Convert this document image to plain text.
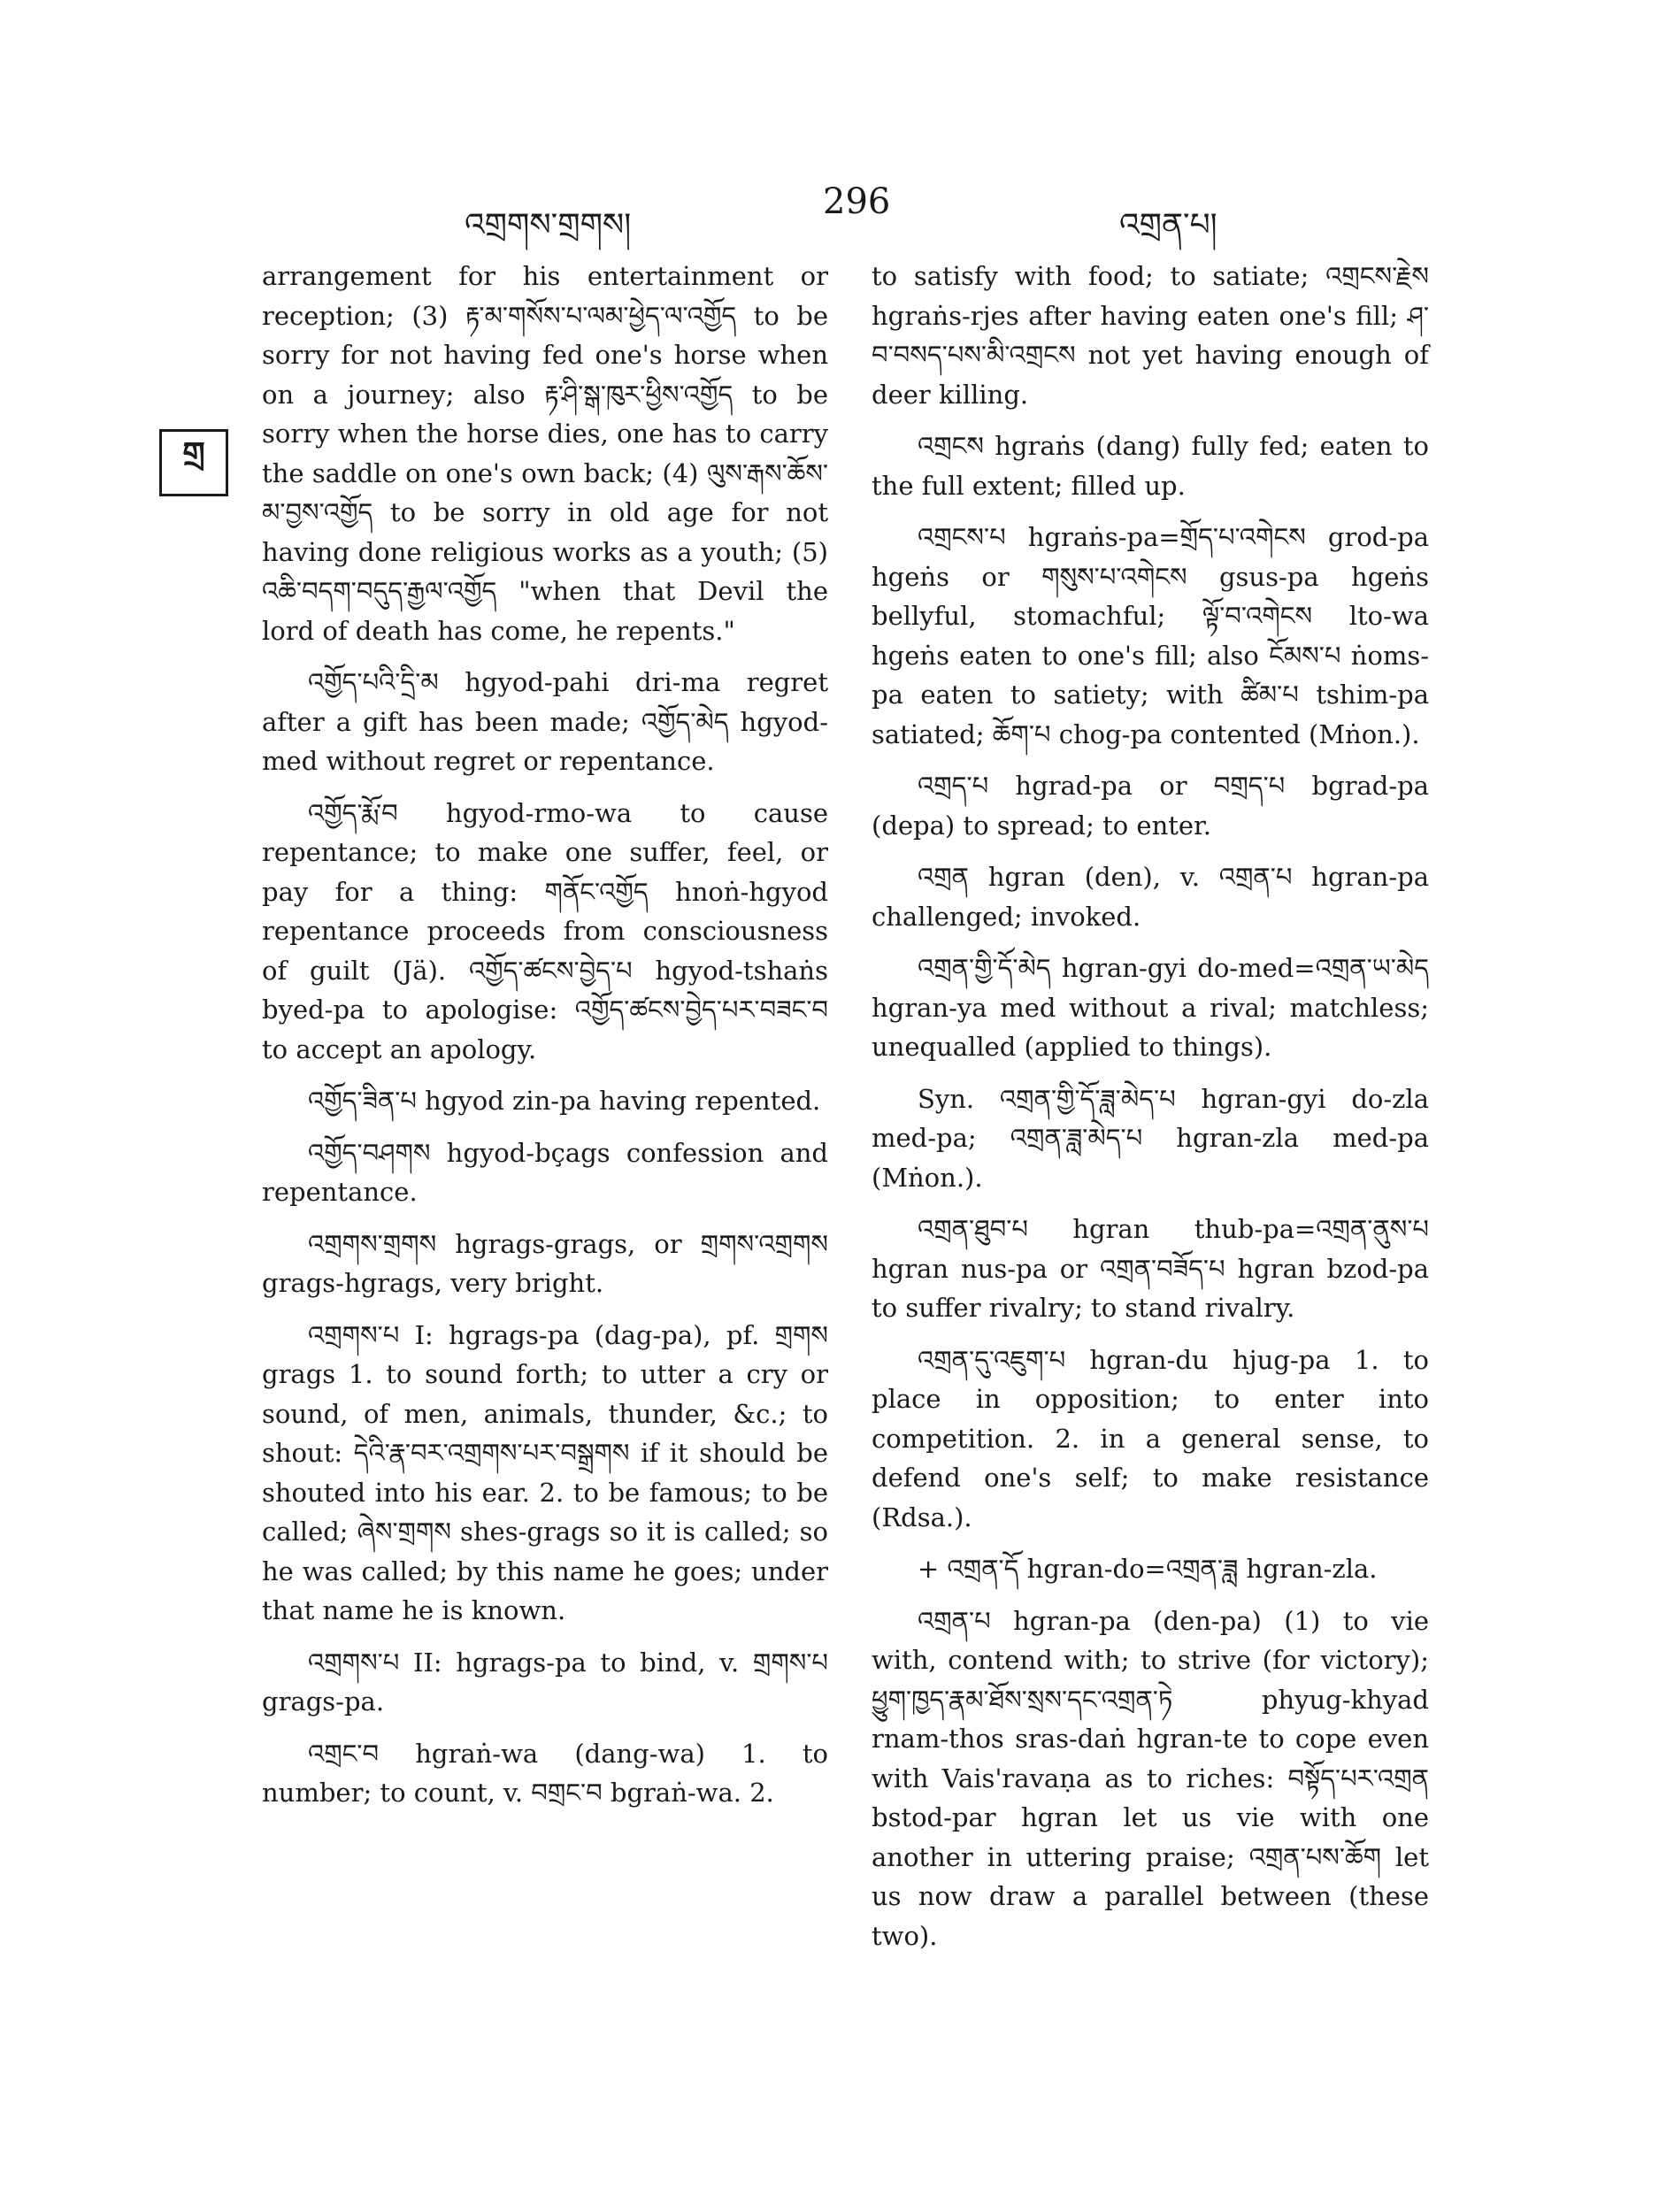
འགྲགས་གྲགས།
296
འགྲན་པ།
གྲ

arrangement for his entertainment or reception; (3) རྟ་མ་གསོས་པ་ལམ་ཕྱེད་ལ་འགྱོད to be sorry for not having fed one's horse when on a journey; also རྟ་ཤི་སྒ་ཁུར་ཕྱིས་འགྱོད to be sorry when the horse dies, one has to carry the saddle on one's own back; (4) ལུས་རྒས་ཆོས་མ་བྱས་འགྱོད to be sorry in old age for not having done religious works as a youth; (5) འཆི་བདག་བདུད་རྒྱལ་འགྱོད "when that Devil the lord of death has come, he repents."

འགྱོད་པའི་དྲི་མ hgyod-pahi dri-ma regret after a gift has been made; འགྱོད་མེད hgyod-med without regret or repentance.

འགྱོད་རྨོ་བ hgyod-rmo-wa to cause repentance; to make one suffer, feel, or pay for a thing: གནོང་འགྱོད hnoṅ-hgyod repentance proceeds from consciousness of guilt (Jä). འགྱོད་ཚངས་བྱེད་པ hgyod-tshaṅs byed-pa to apologise: འགྱོད་ཚངས་བྱེད་པར་བཟང་བ to accept an apology.

འགྱོད་ཟིན་པ hgyod zin-pa having repented.

འགྱོད་བཤགས hgyod-bçags confession and repentance.

འགྲགས་གྲགས hgrags-grags, or གྲགས་འགྲགས grags-hgrags, very bright.

འགྲགས་པ I: hgrags-pa (dag-pa), pf. གྲགས grags 1. to sound forth; to utter a cry or sound, of men, animals, thunder, &c.; to shout: དེའི་རྣ་བར་འགྲགས་པར་བསྒྲགས if it should be shouted into his ear. 2. to be famous; to be called; ཞེས་གྲགས shes-grags so it is called; so he was called; by this name he goes; under that name he is known.

འགྲགས་པ II: hgrags-pa to bind, v. གྲགས་པ grags-pa.

འགྲང་བ hgraṅ-wa (dang-wa) 1. to number; to count, v. བགྲང་བ bgraṅ-wa. 2.

to satisfy with food; to satiate; འགྲངས་རྗེས hgraṅs-rjes after having eaten one's fill; ཤ་བ་བསད་པས་མི་འགྲངས not yet having enough of deer killing.

འགྲངས hgraṅs (dang) fully fed; eaten to the full extent; filled up.

འགྲངས་པ hgraṅs-pa=གྲོད་པ་འགེངས grod-pa hgeṅs or གསུས་པ་འགེངས gsus-pa hgeṅs bellyful, stomachful; ལྟོ་བ་འགེངས lto-wa hgeṅs eaten to one's fill; also ངོམས་པ ṅoms-pa eaten to satiety; with ཚིམ་པ tshim-pa satiated; ཆོག་པ chog-pa contented (Mṅon.).

འགྲད་པ hgrad-pa or བགྲད་པ bgrad-pa (depa) to spread; to enter.

འགྲན hgran (den), v. འགྲན་པ hgran-pa challenged; invoked.

འགྲན་གྱི་དོ་མེད hgran-gyi do-med=འགྲན་ཡ་མེད hgran-ya med without a rival; matchless; unequalled (applied to things).

Syn. འགྲན་གྱི་དོ་ཟླ་མེད་པ hgran-gyi do-zla med-pa; འགྲན་ཟླ་མེད་པ hgran-zla med-pa (Mṅon.).

འགྲན་ཐུབ་པ hgran thub-pa=འགྲན་ནུས་པ hgran nus-pa or འགྲན་བཟོད་པ hgran bzod-pa to suffer rivalry; to stand rivalry.

འགྲན་དུ་འཇུག་པ hgran-du hjug-pa 1. to place in opposition; to enter into competition. 2. in a general sense, to defend one's self; to make resistance (Rdsa.).

+ འགྲན་དོ hgran-do=འགྲན་ཟླ hgran-zla.

འགྲན་པ hgran-pa (den-pa) (1) to vie with, contend with; to strive (for victory); ཕྱུག་ཁྱད་རྣམ་ཐོས་སྲས་དང་འགྲན་ཏེ phyug-khyad rnam-thos sras-daṅ hgran-te to cope even with Vais'ravaṇa as to riches: བསྟོད་པར་འགྲན bstod-par hgran let us vie with one another in uttering praise; འགྲན་པས་ཆོག let us now draw a parallel between (these two).
